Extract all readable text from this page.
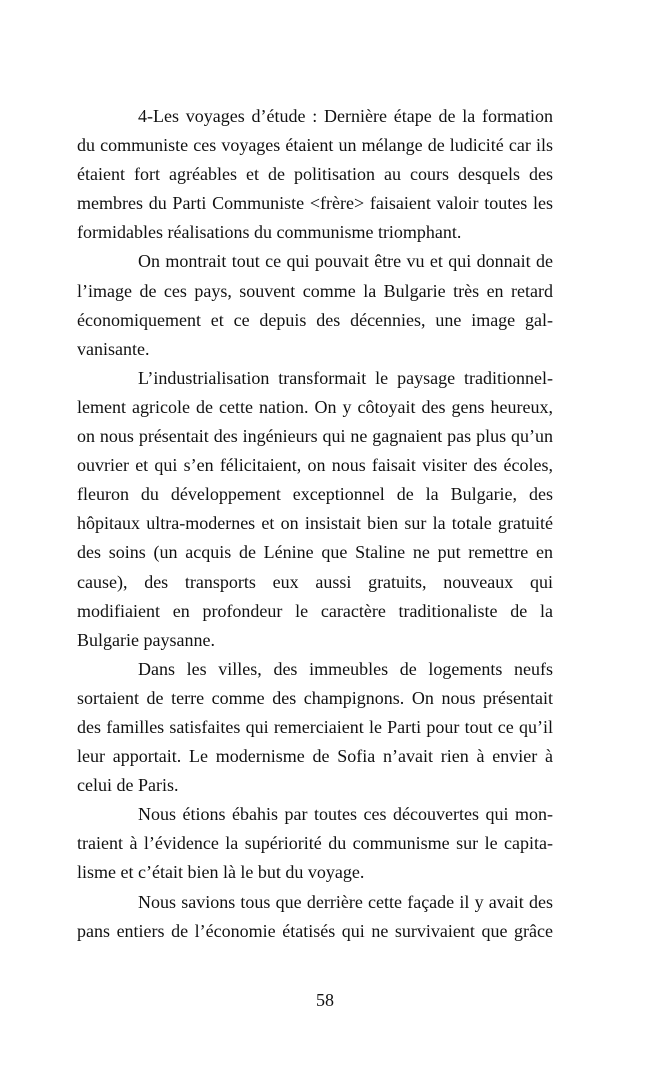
4-Les voyages d’étude : Dernière étape de la formation
du communiste ces voyages étaient un mélange de ludicité car ils
étaient fort agréables et de politisation au cours desquels des
membres du Parti Communiste <frère> faisaient valoir toutes les
formidables réalisations du communisme triomphant.
On montrait tout ce qui pouvait être vu et qui donnait de
l’image de ces pays, souvent comme la Bulgarie très en retard
économiquement et ce depuis des décennies, une image gal-
vanisante.
L’industrialisation transformait le paysage traditionnel-
lement agricole de cette nation. On y côtoyait des gens heureux,
on nous présentait des ingénieurs qui ne gagnaient pas plus qu’un
ouvrier et qui s’en félicitaient, on nous faisait visiter des écoles,
fleuron du développement exceptionnel de la Bulgarie, des
hôpitaux ultra-modernes et on insistait bien sur la totale gratuité
des soins (un acquis de Lénine que Staline ne put remettre en
cause), des transports eux aussi gratuits, nouveaux qui
modifiaient en profondeur le caractère traditionaliste de la
Bulgarie paysanne.
Dans les villes, des immeubles de logements neufs
sortaient de terre comme des champignons. On nous présentait
des familles satisfaites qui remerciaient le Parti pour tout ce qu’il
leur apportait. Le modernisme de Sofia n’avait rien à envier à
celui de Paris.
Nous étions ébahis par toutes ces découvertes qui mon-
traient à l’évidence la supériorité du communisme sur le capita-
lisme et c’était bien là le but du voyage.
Nous savions tous que derrière cette façade il y avait des
pans entiers de l’économie étatisés qui ne survivaient que grâce
58
